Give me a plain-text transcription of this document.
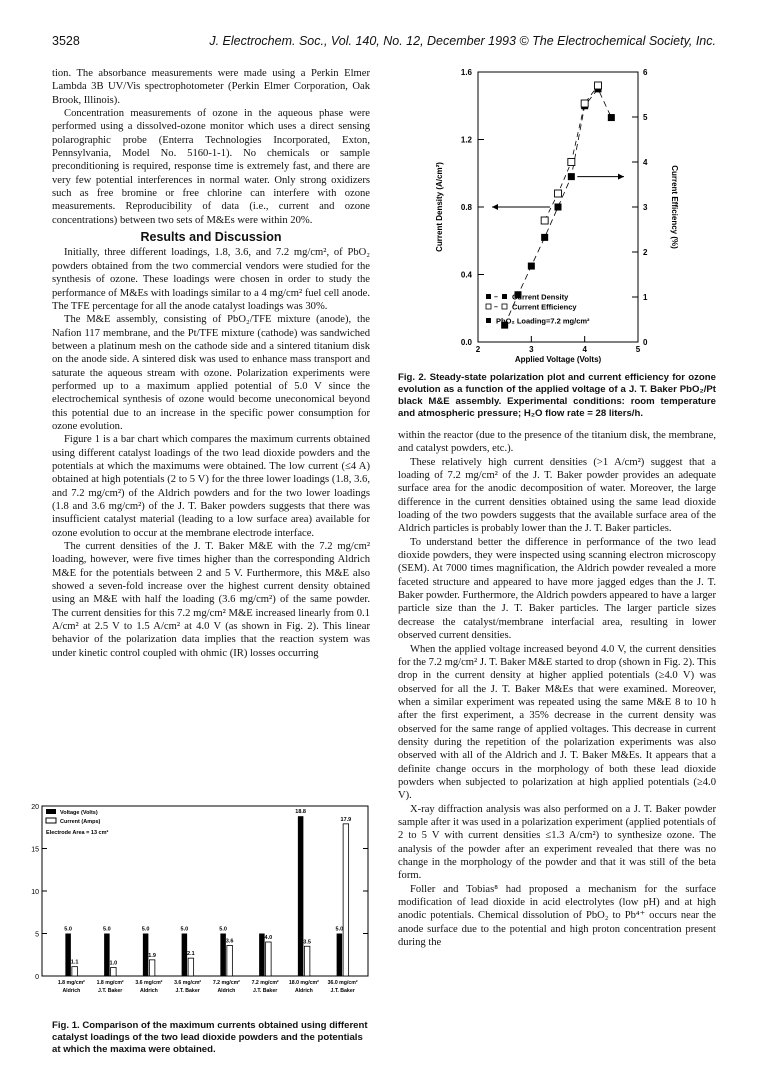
3528	J. Electrochem. Soc., Vol. 140, No. 12, December 1993 © The Electrochemical Society, Inc.

tion. The absorbance measurements were made using a Perkin Elmer Lambda 3B UV/Vis spectrophotometer (Perkin Elmer Corporation, Oak Brook, Illinois).

Concentration measurements of ozone in the aqueous phase were performed using a dissolved-ozone monitor which uses a direct sensing polarographic probe (Enterra Technologies Incorporated, Exton, Pennsylvania, Model No. 5160-1-1). No chemicals or sample preconditioning is required, response time is extremely fast, and there are very few potential interferences in normal water. Only strong oxidizers such as free bromine or free chlorine can interfere with ozone measurements. Reproducibility of data (i.e., current and ozone concentrations) between two sets of M&Es were within 20%.

Results and Discussion

Initially, three different loadings, 1.8, 3.6, and 7.2 mg/cm², of PbO₂ powders obtained from the two commercial vendors were studied for the synthesis of ozone. These loadings were chosen in order to study the performance of M&Es with loadings similar to a 4 mg/cm² fuel cell anode. The TFE percentage for all the anode catalyst loadings was 30%.

The M&E assembly, consisting of PbO₂/TFE mixture (anode), the Nafion 117 membrane, and the Pt/TFE mixture (cathode) was sandwiched between a platinum mesh on the cathode side and a sintered titanium disk on the anode side. A sintered disk was used to enhance mass transport and saturate the aqueous stream with ozone. Polarization experiments were performed up to a maximum applied potential of 5.0 V since the electrochemical synthesis of ozone would become uneconomical beyond this potential due to an increase in the specific power consumption for ozone evolution.

Figure 1 is a bar chart which compares the maximum currents obtained using different catalyst loadings of the two lead dioxide powders and the potentials at which the maximums were obtained. The low current (≤4 A) obtained at high potentials (2 to 5 V) for the three lower loadings (1.8, 3.6, and 7.2 mg/cm²) of the Aldrich powders and for the two lower loadings (1.8 and 3.6 mg/cm²) of the J. T. Baker powders suggests that there was insufficient catalyst material (leading to a low surface area) available for ozone evolution to occur at the membrane electrode interface.

The current densities of the J. T. Baker M&E with the 7.2 mg/cm² loading, however, were five times higher than the corresponding Aldrich M&E for the potentials between 2 and 5 V. Furthermore, this M&E also showed a seven-fold increase over the highest current density obtained using an M&E with half the loading (3.6 mg/cm²) of the same powder. The current densities for this 7.2 mg/cm² M&E increased linearly from 0.1 A/cm² at 2.5 V to 1.5 A/cm² at 4.0 V (as shown in Fig. 2). This linear behavior of the polarization data implies that the reaction system was under kinetic control coupled with ohmic (IR) losses occurring

within the reactor (due to the presence of the titanium disk, the membrane, and catalyst powders, etc.).

These relatively high current densities (>1 A/cm²) suggest that a loading of 7.2 mg/cm² of the J. T. Baker powder provides an adequate surface area for the anodic decomposition of water. Moreover, the large difference in the current densities obtained using the same lead dioxide loading of the two powders suggests that the available surface area of the Aldrich particles is probably lower than the J. T. Baker particles.

To understand better the difference in performance of the two lead dioxide powders, they were inspected using scanning electron microscopy (SEM). At 7000 times magnification, the Aldrich powder revealed a more faceted structure and appeared to have more jagged edges than the J. T. Baker powder. Furthermore, the Aldrich powders appeared to have a larger particle size than the J. T. Baker particles. The larger particle sizes decrease the catalyst/membrane interfacial area, resulting in lower observed current densities.

When the applied voltage increased beyond 4.0 V, the current densities for the 7.2 mg/cm² J. T. Baker M&E started to drop (shown in Fig. 2). This drop in the current density at higher applied potentials (≥4.0 V) was observed for all the J. T. Baker M&Es that were examined. Moreover, when a similar experiment was repeated using the same M&E 8 to 10 h after the first experiment, a 35% decrease in the current density was observed for the same range of applied voltages. This decrease in current density during the repetition of the polarization experiments was also observed with all of the Aldrich and J. T. Baker M&Es. It appears that a definite change occurs in the morphology of both these lead dioxide powders when subjected to polarization at high applied potentials (≥4.0 V).

X-ray diffraction analysis was also performed on a J. T. Baker powder sample after it was used in a polarization experiment (applied potentials of 2 to 5 V with current densities ≤1.3 A/cm²) to synthesize ozone. The analysis of the powder after an experiment revealed that there was no change in the morphology of the powder and that it was still of the beta form.

Foller and Tobias⁸ had proposed a mechanism for the surface modification of lead dioxide in acid electrolytes (low pH) and at high anodic potentials. Chemical dissolution of PbO₂ to Pb⁴⁺ occurs near the anode surface due to the potential and high proton concentration present during the

0
5
10
15
20
Voltage (Volts)
Current (Amps)
Electrode Area = 13 cm²
5.0
1.1
1.8 mg/cm²
Aldrich
5.0
1.0
1.8 mg/cm²
J.T. Baker
5.0
1.9
3.6 mg/cm²
Aldrich
5.0
2.1
3.6 mg/cm²
J.T. Baker
5.0
3.6
7.2 mg/cm²
Aldrich
4.0
7.2 mg/cm²
J.T. Baker
18.8
3.5
18.0 mg/cm²
Aldrich
5.0
17.9
36.0 mg/cm²
J.T. Baker
Fig. 1. Comparison of the maximum currents obtained using different catalyst loadings of the two lead dioxide powders and the potentials at which the maxima were obtained.
0.0
0.4
0.8
1.2
1.6
0
1
2
3
4
5
6
2	3	4	5
Applied Voltage (Volts)
Current Density (A/cm²)	Current Efficiency (%)
– Current Density
– Current Efficiency
PbO₂ Loading=7.2 mg/cm²
Fig. 2. Steady-state polarization plot and current efficiency for ozone evolution as a function of the applied voltage of a J. T. Baker PbO₂/Pt black M&E assembly. Experimental conditions: room temperature and atmospheric pressure; H₂O flow rate = 28 liters/h.
